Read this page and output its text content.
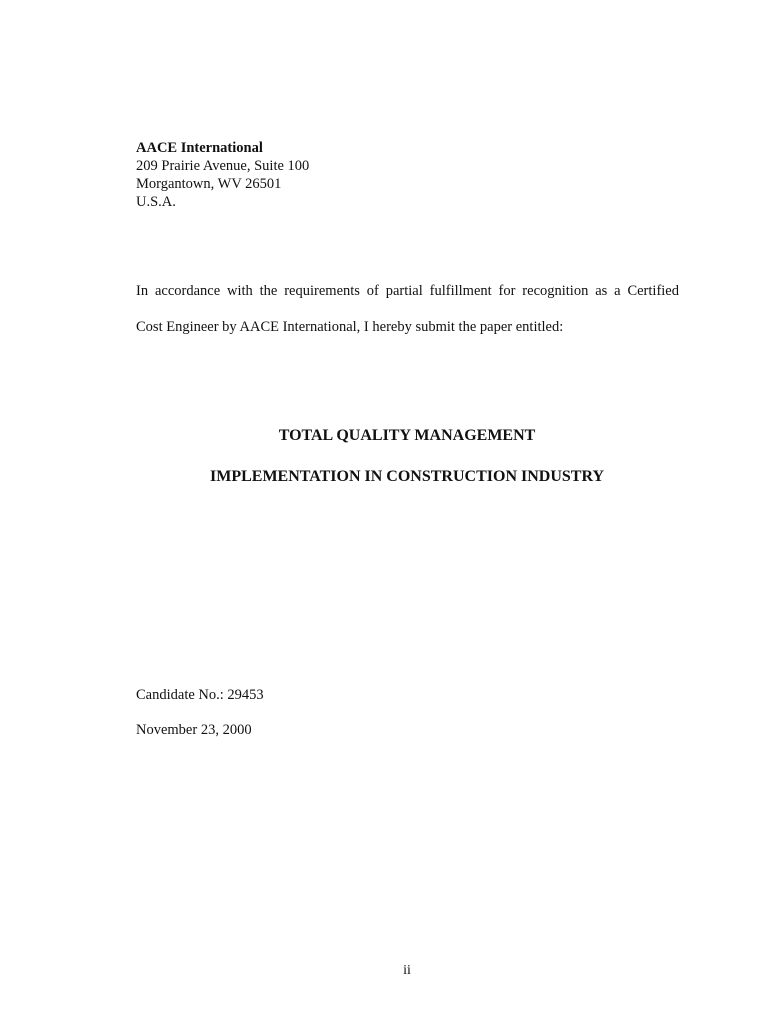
AACE International
209 Prairie Avenue, Suite 100
Morgantown, WV 26501
U.S.A.
In accordance with the requirements of partial fulfillment for recognition as a Certified
Cost Engineer by AACE International, I hereby submit the paper entitled:
TOTAL QUALITY MANAGEMENT
IMPLEMENTATION IN CONSTRUCTION INDUSTRY
Candidate No.: 29453
November 23, 2000
ii
